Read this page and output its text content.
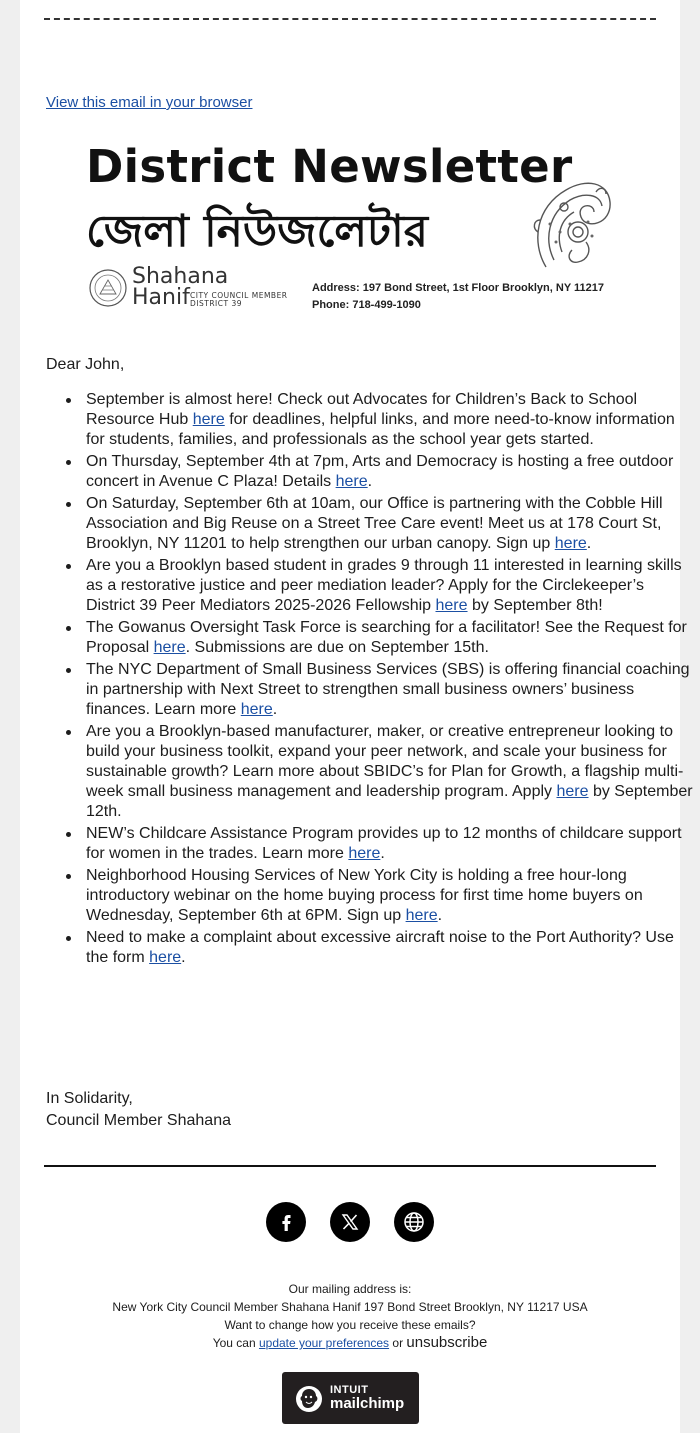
View this email in your browser
District Newsletter
জেলা নিউজলেটার
Shahana
Hanif CITY COUNCIL MEMBER
DISTRICT 39
Address: 197 Bond Street, 1st Floor Brooklyn, NY 11217
Phone: 718-499-1090
Dear John,
September is almost here! Check out Advocates for Children’s Back to School Resource Hub here for deadlines, helpful links, and more need-to-know information for students, families, and professionals as the school year gets started.
On Thursday, September 4th at 7pm, Arts and Democracy is hosting a free outdoor concert in Avenue C Plaza! Details here.
On Saturday, September 6th at 10am, our Office is partnering with the Cobble Hill Association and Big Reuse on a Street Tree Care event! Meet us at 178 Court St, Brooklyn, NY 11201 to help strengthen our urban canopy. Sign up here.
Are you a Brooklyn based student in grades 9 through 11 interested in learning skills as a restorative justice and peer mediation leader? Apply for the Circlekeeper’s District 39 Peer Mediators 2025-2026 Fellowship here by September 8th!
The Gowanus Oversight Task Force is searching for a facilitator! See the Request for Proposal here. Submissions are due on September 15th.
The NYC Department of Small Business Services (SBS) is offering financial coaching in partnership with Next Street to strengthen small business owners’ business finances. Learn more here.
Are you a Brooklyn-based manufacturer, maker, or creative entrepreneur looking to build your business toolkit, expand your peer network, and scale your business for sustainable growth? Learn more about SBIDC’s for Plan for Growth, a flagship multi-week small business management and leadership program. Apply here by September 12th.
NEW’s Childcare Assistance Program provides up to 12 months of childcare support for women in the trades. Learn more here.
Neighborhood Housing Services of New York City is holding a free hour-long introductory webinar on the home buying process for first time home buyers on Wednesday, September 6th at 6PM. Sign up here.
Need to make a complaint about excessive aircraft noise to the Port Authority? Use the form here.
In Solidarity,
Council Member Shahana
Our mailing address is:
New York City Council Member Shahana Hanif 197 Bond Street Brooklyn, NY 11217 USA
Want to change how you receive these emails?
You can update your preferences or unsubscribe
INTUIT
mailchimp
